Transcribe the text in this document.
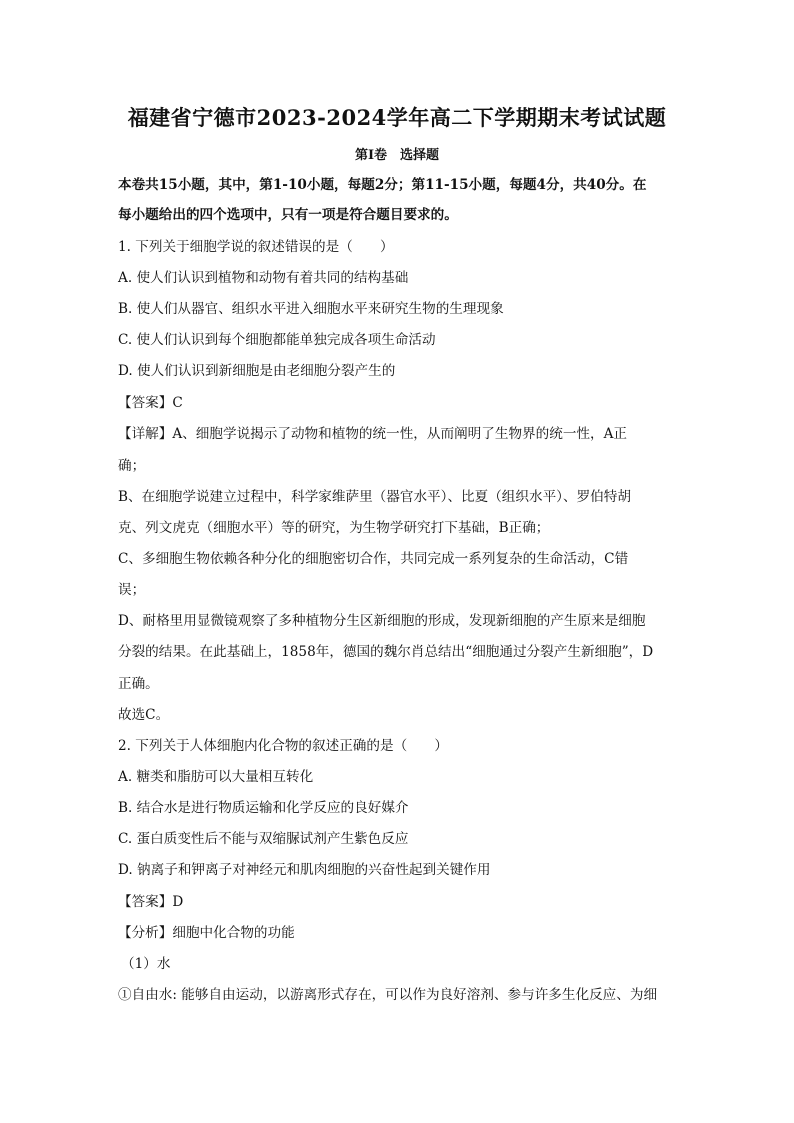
福建省宁德市2023-2024学年高二下学期期末考试试题
第I卷　选择题
本卷共15小题，其中，第1-10小题，每题2分；第11-15小题，每题4分，共40分。在
每小题给出的四个选项中，只有一项是符合题目要求的。
1. 下列关于细胞学说的叙述错误的是（　　）
A. 使人们认识到植物和动物有着共同的结构基础
B. 使人们从器官、组织水平进入细胞水平来研究生物的生理现象
C. 使人们认识到每个细胞都能单独完成各项生命活动
D. 使人们认识到新细胞是由老细胞分裂产生的
【答案】C
【详解】A、细胞学说揭示了动物和植物的统一性，从而阐明了生物界的统一性，A正
确；
B、在细胞学说建立过程中，科学家维萨里（器官水平）、比夏（组织水平）、罗伯特胡
克、列文虎克（细胞水平）等的研究，为生物学研究打下基础，B正确；
C、多细胞生物依赖各种分化的细胞密切合作，共同完成一系列复杂的生命活动，C错
误；
D、耐格里用显微镜观察了多种植物分生区新细胞的形成，发现新细胞的产生原来是细胞
分裂的结果。在此基础上，1858年，德国的魏尔肖总结出“细胞通过分裂产生新细胞”，D
正确。
故选C。
2. 下列关于人体细胞内化合物的叙述正确的是（　　）
A. 糖类和脂肪可以大量相互转化
B. 结合水是进行物质运输和化学反应的良好媒介
C. 蛋白质变性后不能与双缩脲试剂产生紫色反应
D. 钠离子和钾离子对神经元和肌肉细胞的兴奋性起到关键作用
【答案】D
【分析】细胞中化合物的功能
（1）水
①自由水: 能够自由运动，以游离形式存在，可以作为良好溶剂、参与许多生化反应、为细
